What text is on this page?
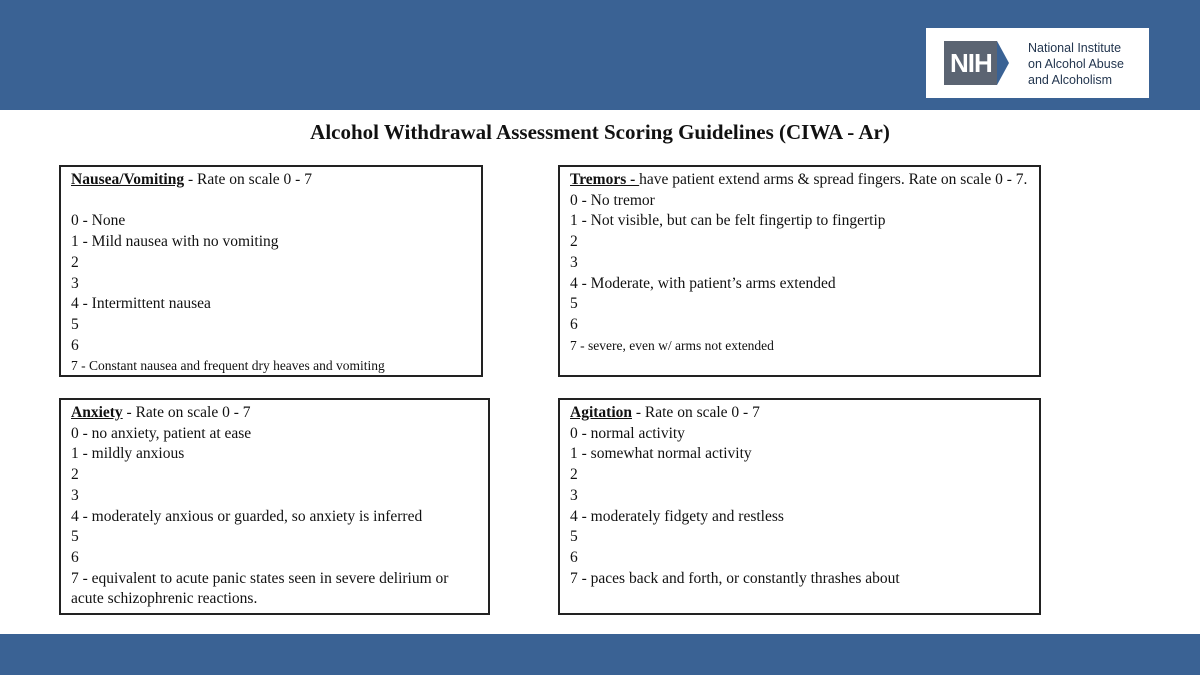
NIH	National Institute
on Alcohol Abuse
and Alcoholism
Alcohol Withdrawal Assessment Scoring Guidelines (CIWA - Ar)
Nausea/Vomiting - Rate on scale 0 - 7
0 - None
1 - Mild nausea with no vomiting
2
3
4 - Intermittent nausea
5
6
7 - Constant nausea and frequent dry heaves and vomiting
Tremors - have patient extend arms & spread fingers. Rate on scale 0 - 7.
0 - No tremor
1 - Not visible, but can be felt fingertip to fingertip
2
3
4 - Moderate, with patient’s arms extended
5
6
7 - severe, even w/ arms not extended
Anxiety - Rate on scale 0 - 7
0 - no anxiety, patient at ease
1 - mildly anxious
2
3
4 - moderately anxious or guarded, so anxiety is inferred
5
6
7 - equivalent to acute panic states seen in severe delirium or acute schizophrenic reactions.
Agitation - Rate on scale 0 - 7
0 - normal activity
1 - somewhat normal activity
2
3
4 - moderately fidgety and restless
5
6
7 - paces back and forth, or constantly thrashes about
